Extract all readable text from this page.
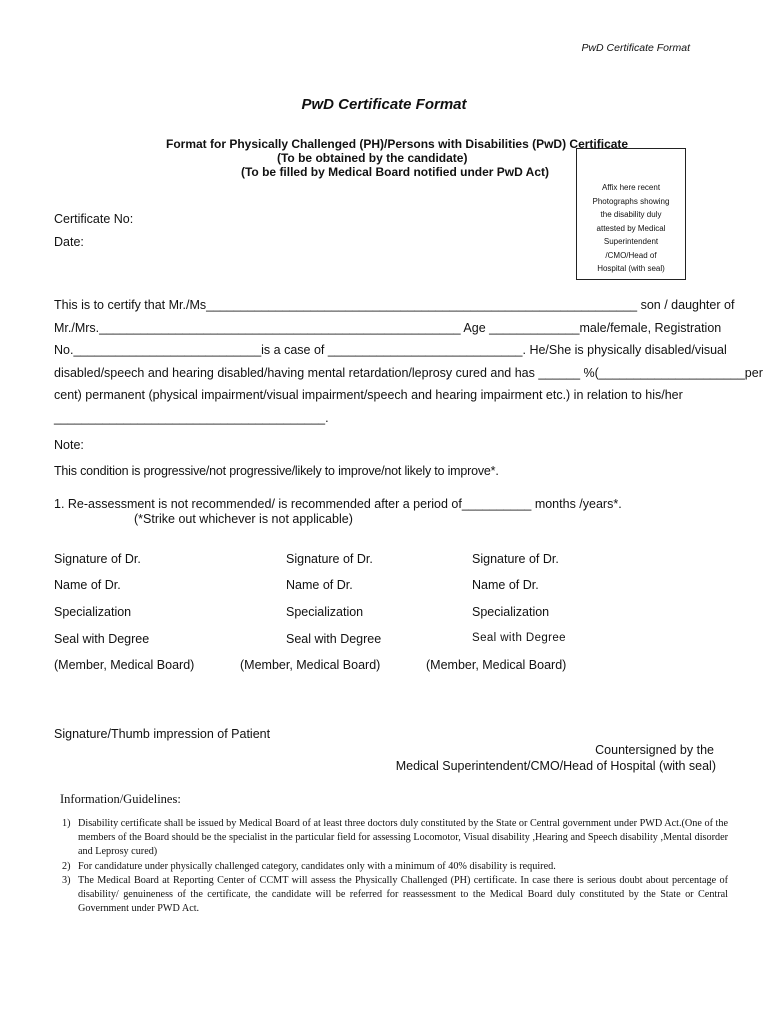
PwD Certificate Format
PwD Certificate Format
Format for Physically Challenged (PH)/Persons with Disabilities (PwD) Certificate
(To be obtained by the candidate)
(To be filled by Medical Board notified under PwD Act)
Affix here recent
Photographs showing
the disability duly
attested by Medical
Superintendent
/CMO/Head of
Hospital (with seal)
Certificate No:
Date:
This is to certify that Mr./Ms______________________________________________________________ son / daughter of
Mr./Mrs.____________________________________________________ Age _____________male/female, Registration
No.___________________________is a case of ____________________________. He/She is physically disabled/visual
disabled/speech and hearing disabled/having mental retardation/leprosy cured and has ______ %(_____________________per
cent) permanent (physical impairment/visual impairment/speech and hearing impairment etc.) in relation to his/her
_______________________________________.
Note:
This condition is progressive/not progressive/likely to improve/not likely to improve*.
1. Re-assessment is not recommended/ is recommended after a period of__________ months /years*.
(*Strike out whichever is not applicable)
Signature of Dr.
Name of Dr.
Specialization
Seal with Degree
(Member, Medical Board)
Signature of Dr.
Name of Dr.
Specialization
Seal with Degree
(Member, Medical Board)
Signature of Dr.
Name of Dr.
Specialization
Seal with Degree
(Member, Medical Board)
Signature/Thumb impression of Patient
Countersigned by the
Medical Superintendent/CMO/Head of Hospital (with seal)
Information/Guidelines:
1) Disability certificate shall be issued by Medical Board of at least three doctors duly constituted by the State or Central government under PWD Act.(One of the members of the Board should be the specialist in the particular field for assessing Locomotor, Visual disability ,Hearing and Speech disability ,Mental disorder and Leprosy cured)
2) For candidature under physically challenged category, candidates only with a minimum of 40% disability is required.
3) The Medical Board at Reporting Center of CCMT will assess the Physically Challenged (PH) certificate. In case there is serious doubt about percentage of disability/ genuineness of the certificate, the candidate will be referred for reassessment to the Medical Board duly constituted by the State or Central Government under PWD Act.
